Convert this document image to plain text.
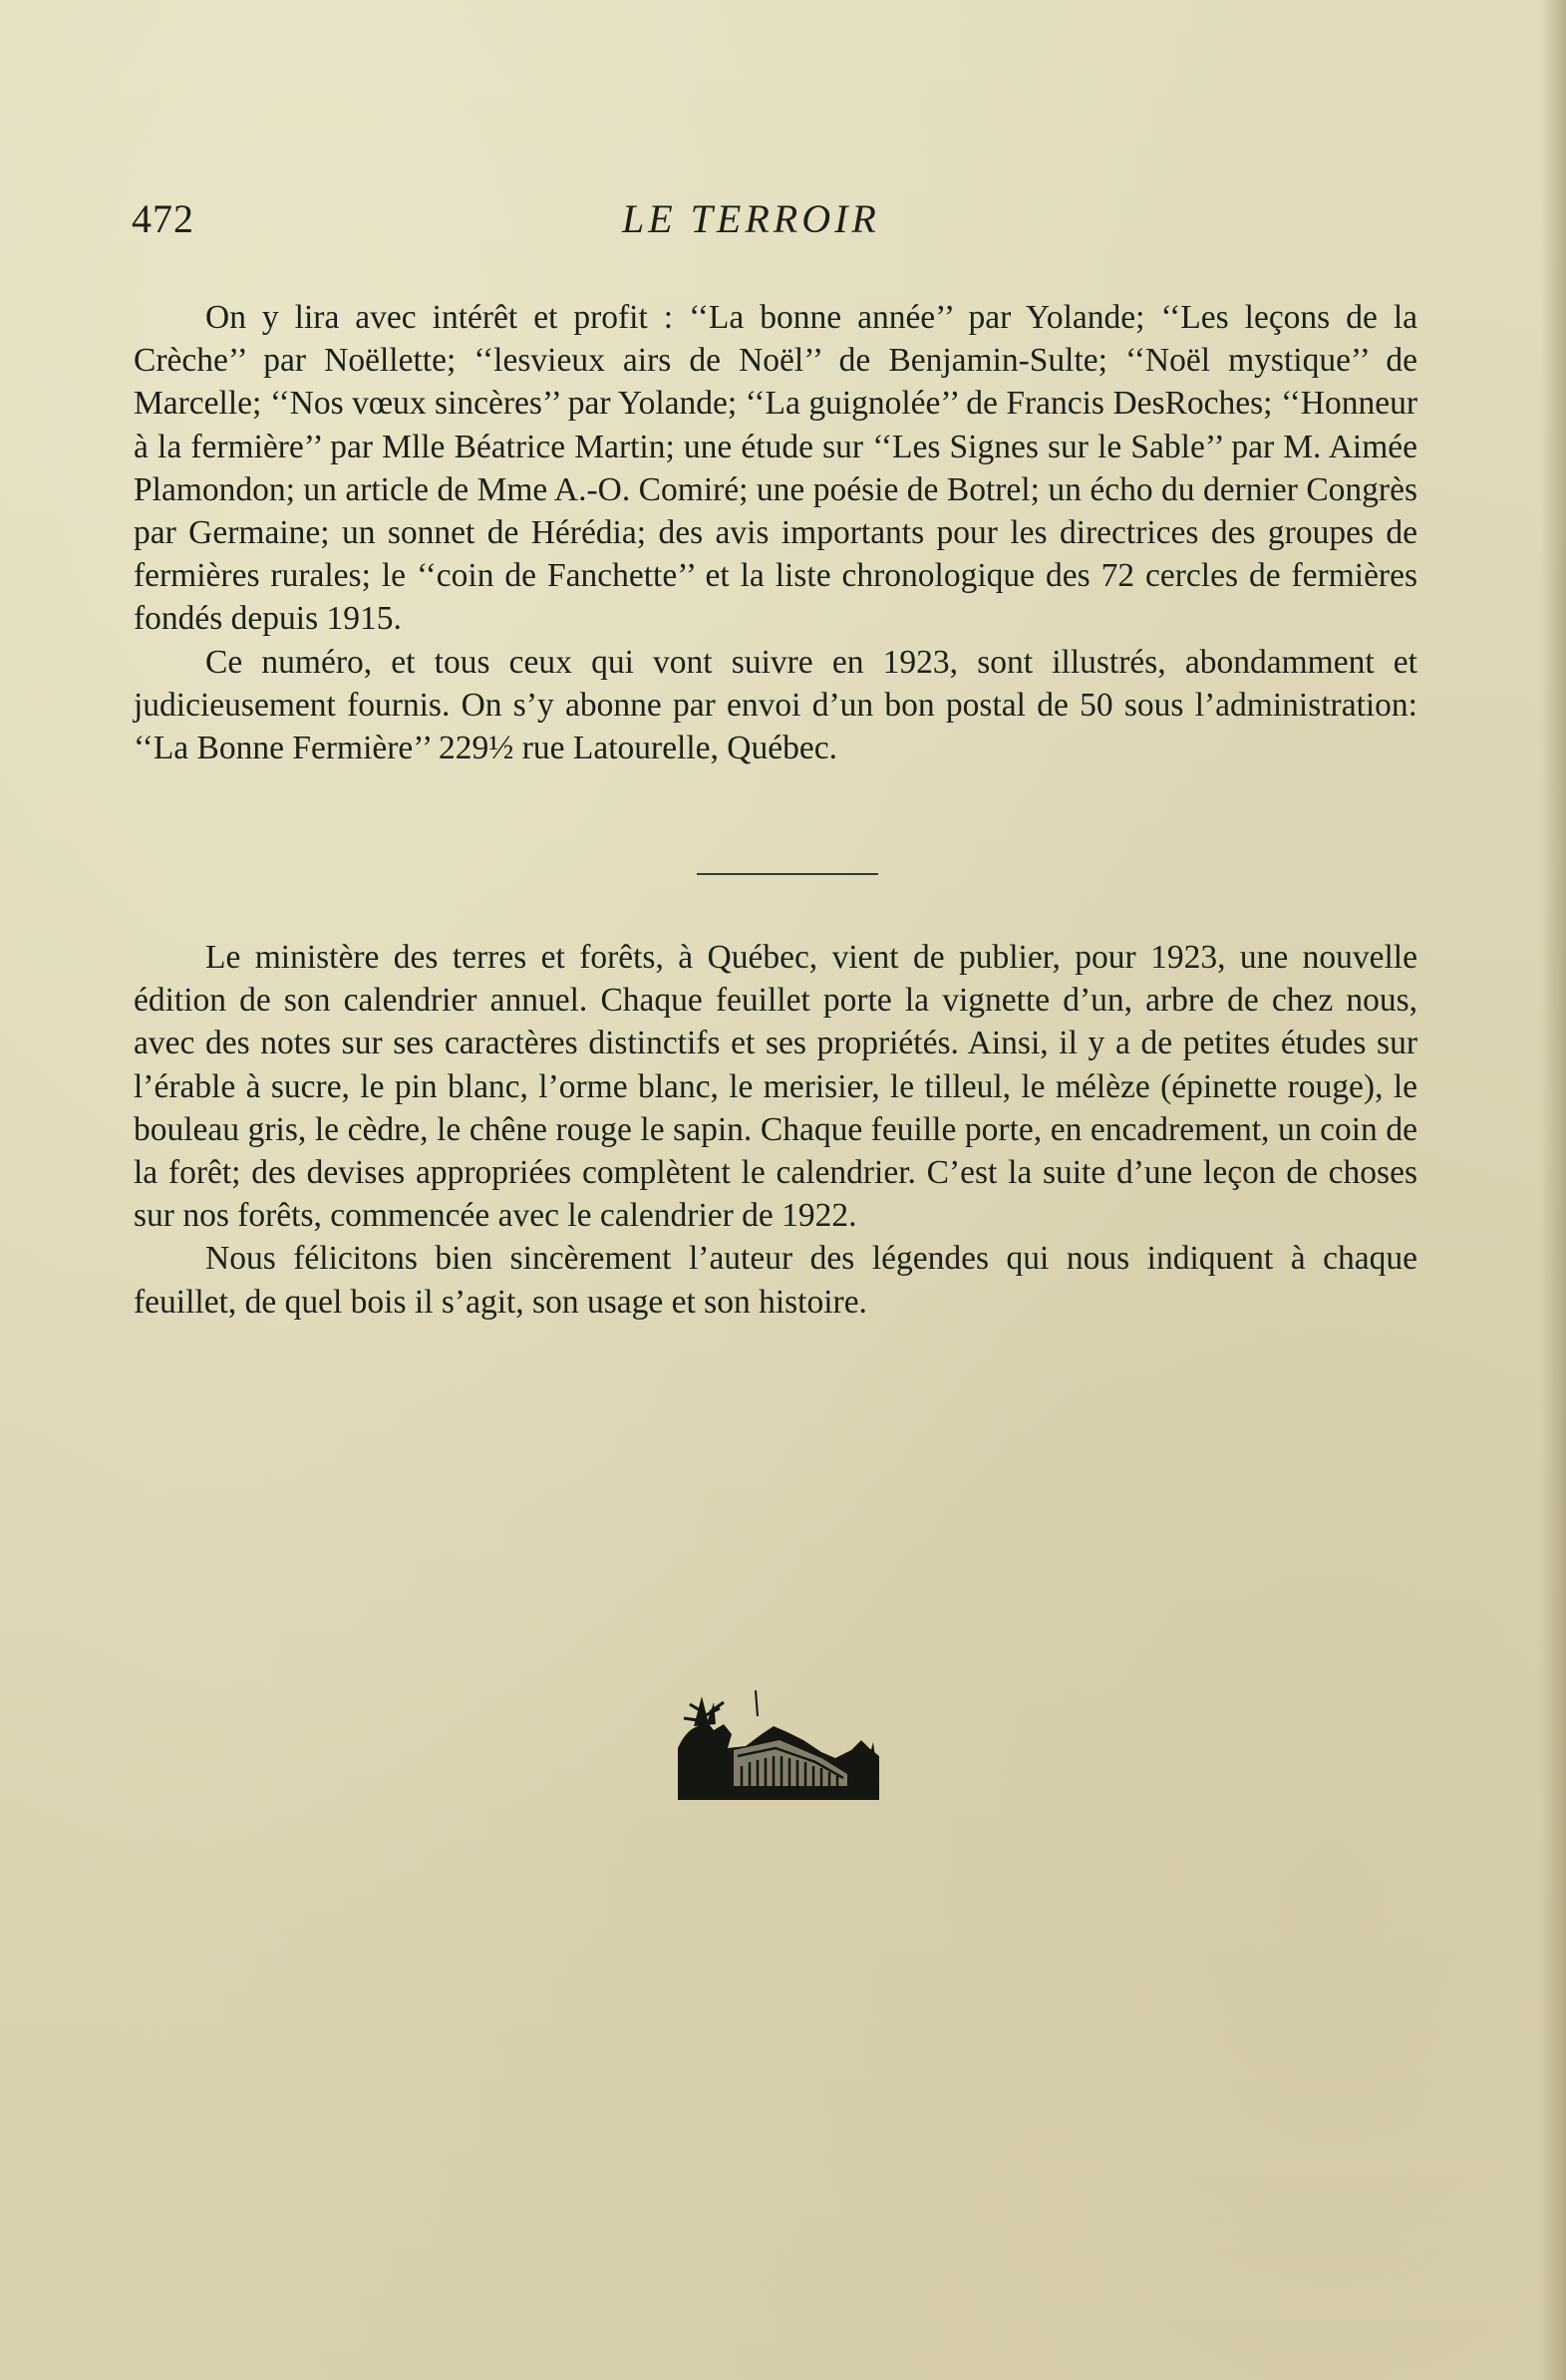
472	LE TERROIR

On y lira avec intérêt et profit : ‘‘La bonne année’’ par Yolande; ‘‘Les leçons de la Crèche’’ par Noëllette; ‘‘lesvieux airs de Noël’’ de Benjamin-Sulte; ‘‘Noël mystique’’ de Marcelle; ‘‘Nos vœux sincères’’ par Yolande; ‘‘La guignolée’’ de Francis DesRoches; ‘‘Honneur à la fermière’’ par Mlle Béatrice Martin; une étude sur ‘‘Les Signes sur le Sable’’ par M. Aimée Plamondon; un article de Mme A.-O. Comiré; une poésie de Botrel; un écho du dernier Congrès par Germaine; un sonnet de Hérédia; des avis importants pour les directrices des groupes de fermières rurales; le ‘‘coin de Fanchette’’ et la liste chronologique des 72 cercles de fermières fondés depuis 1915.

Ce numéro, et tous ceux qui vont suivre en 1923, sont illustrés, abondamment et judicieusement fournis. On s’y abonne par envoi d’un bon postal de 50 sous l’administration: ‘‘La Bonne Fermière’’ 229½ rue Latourelle, Québec.

Le ministère des terres et forêts, à Québec, vient de publier, pour 1923, une nouvelle édition de son calendrier annuel. Chaque feuillet porte la vignette d’un, arbre de chez nous, avec des notes sur ses caractères distinctifs et ses propriétés. Ainsi, il y a de petites études sur l’érable à sucre, le pin blanc, l’orme blanc, le merisier, le tilleul, le mélèze (épinette rouge), le bouleau gris, le cèdre, le chêne rouge le sapin. Chaque feuille porte, en encadrement, un coin de la forêt; des devises appropriées complètent le calendrier. C’est la suite d’une leçon de choses sur nos forêts, commencée avec le calendrier de 1922.

Nous félicitons bien sincèrement l’auteur des légendes qui nous indiquent à chaque feuillet, de quel bois il s’agit, son usage et son histoire.
